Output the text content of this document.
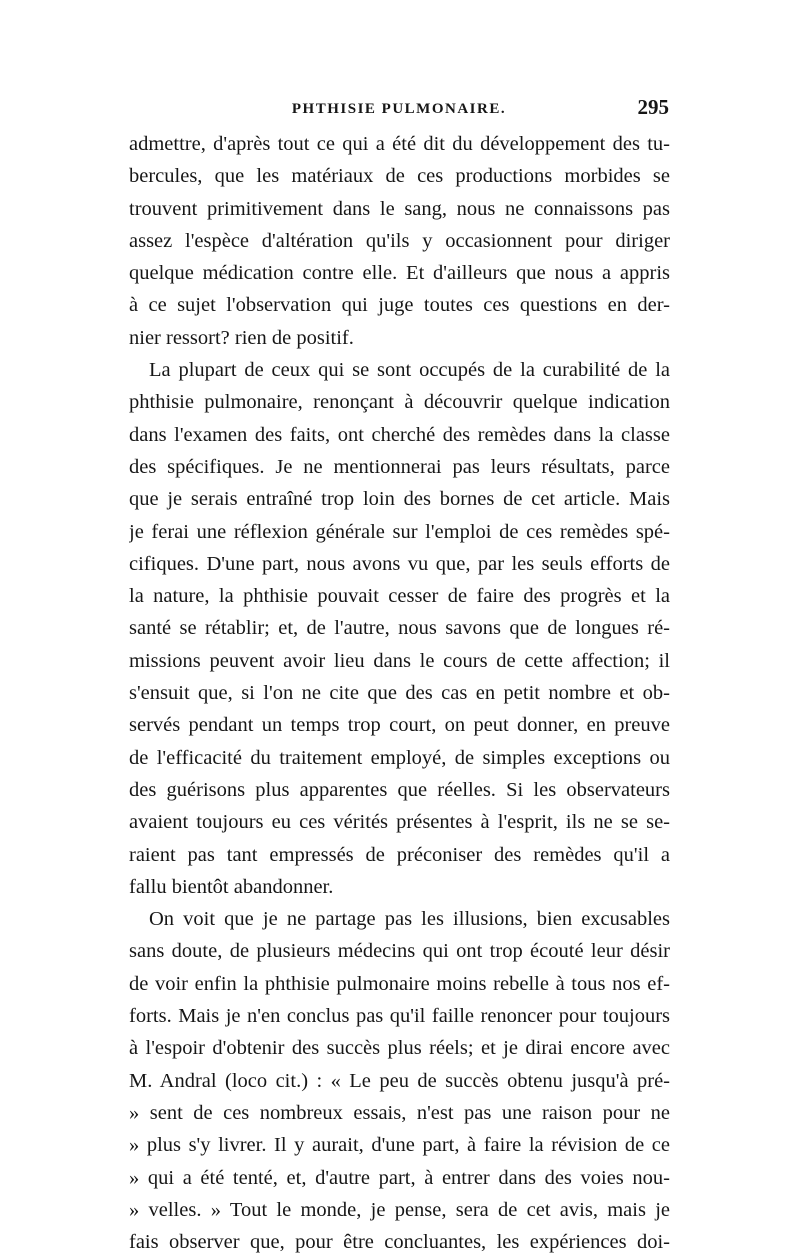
PHTHISIE PULMONAIRE.	295
admettre, d'après tout ce qui a été dit du développement des tu-
bercules, que les matériaux de ces productions morbides se
trouvent primitivement dans le sang, nous ne connaissons pas
assez l'espèce d'altération qu'ils y occasionnent pour diriger
quelque médication contre elle. Et d'ailleurs que nous a appris
à ce sujet l'observation qui juge toutes ces questions en der-
nier ressort? rien de positif.
La plupart de ceux qui se sont occupés de la curabilité de la
phthisie pulmonaire, renonçant à découvrir quelque indication
dans l'examen des faits, ont cherché des remèdes dans la classe
des spécifiques. Je ne mentionnerai pas leurs résultats, parce
que je serais entraîné trop loin des bornes de cet article. Mais
je ferai une réflexion générale sur l'emploi de ces remèdes spé-
cifiques. D'une part, nous avons vu que, par les seuls efforts de
la nature, la phthisie pouvait cesser de faire des progrès et la
santé se rétablir; et, de l'autre, nous savons que de longues ré-
missions peuvent avoir lieu dans le cours de cette affection; il
s'ensuit que, si l'on ne cite que des cas en petit nombre et ob-
servés pendant un temps trop court, on peut donner, en preuve
de l'efficacité du traitement employé, de simples exceptions ou
des guérisons plus apparentes que réelles. Si les observateurs
avaient toujours eu ces vérités présentes à l'esprit, ils ne se se-
raient pas tant empressés de préconiser des remèdes qu'il a
fallu bientôt abandonner.
On voit que je ne partage pas les illusions, bien excusables
sans doute, de plusieurs médecins qui ont trop écouté leur désir
de voir enfin la phthisie pulmonaire moins rebelle à tous nos ef-
forts. Mais je n'en conclus pas qu'il faille renoncer pour toujours
à l'espoir d'obtenir des succès plus réels; et je dirai encore avec
M. Andral (loco cit.) : « Le peu de succès obtenu jusqu'à pré-
» sent de ces nombreux essais, n'est pas une raison pour ne
» plus s'y livrer. Il y aurait, d'une part, à faire la révision de ce
» qui a été tenté, et, d'autre part, à entrer dans des voies nou-
» velles. » Tout le monde, je pense, sera de cet avis, mais je
fais observer que, pour être concluantes, les expériences doi-
